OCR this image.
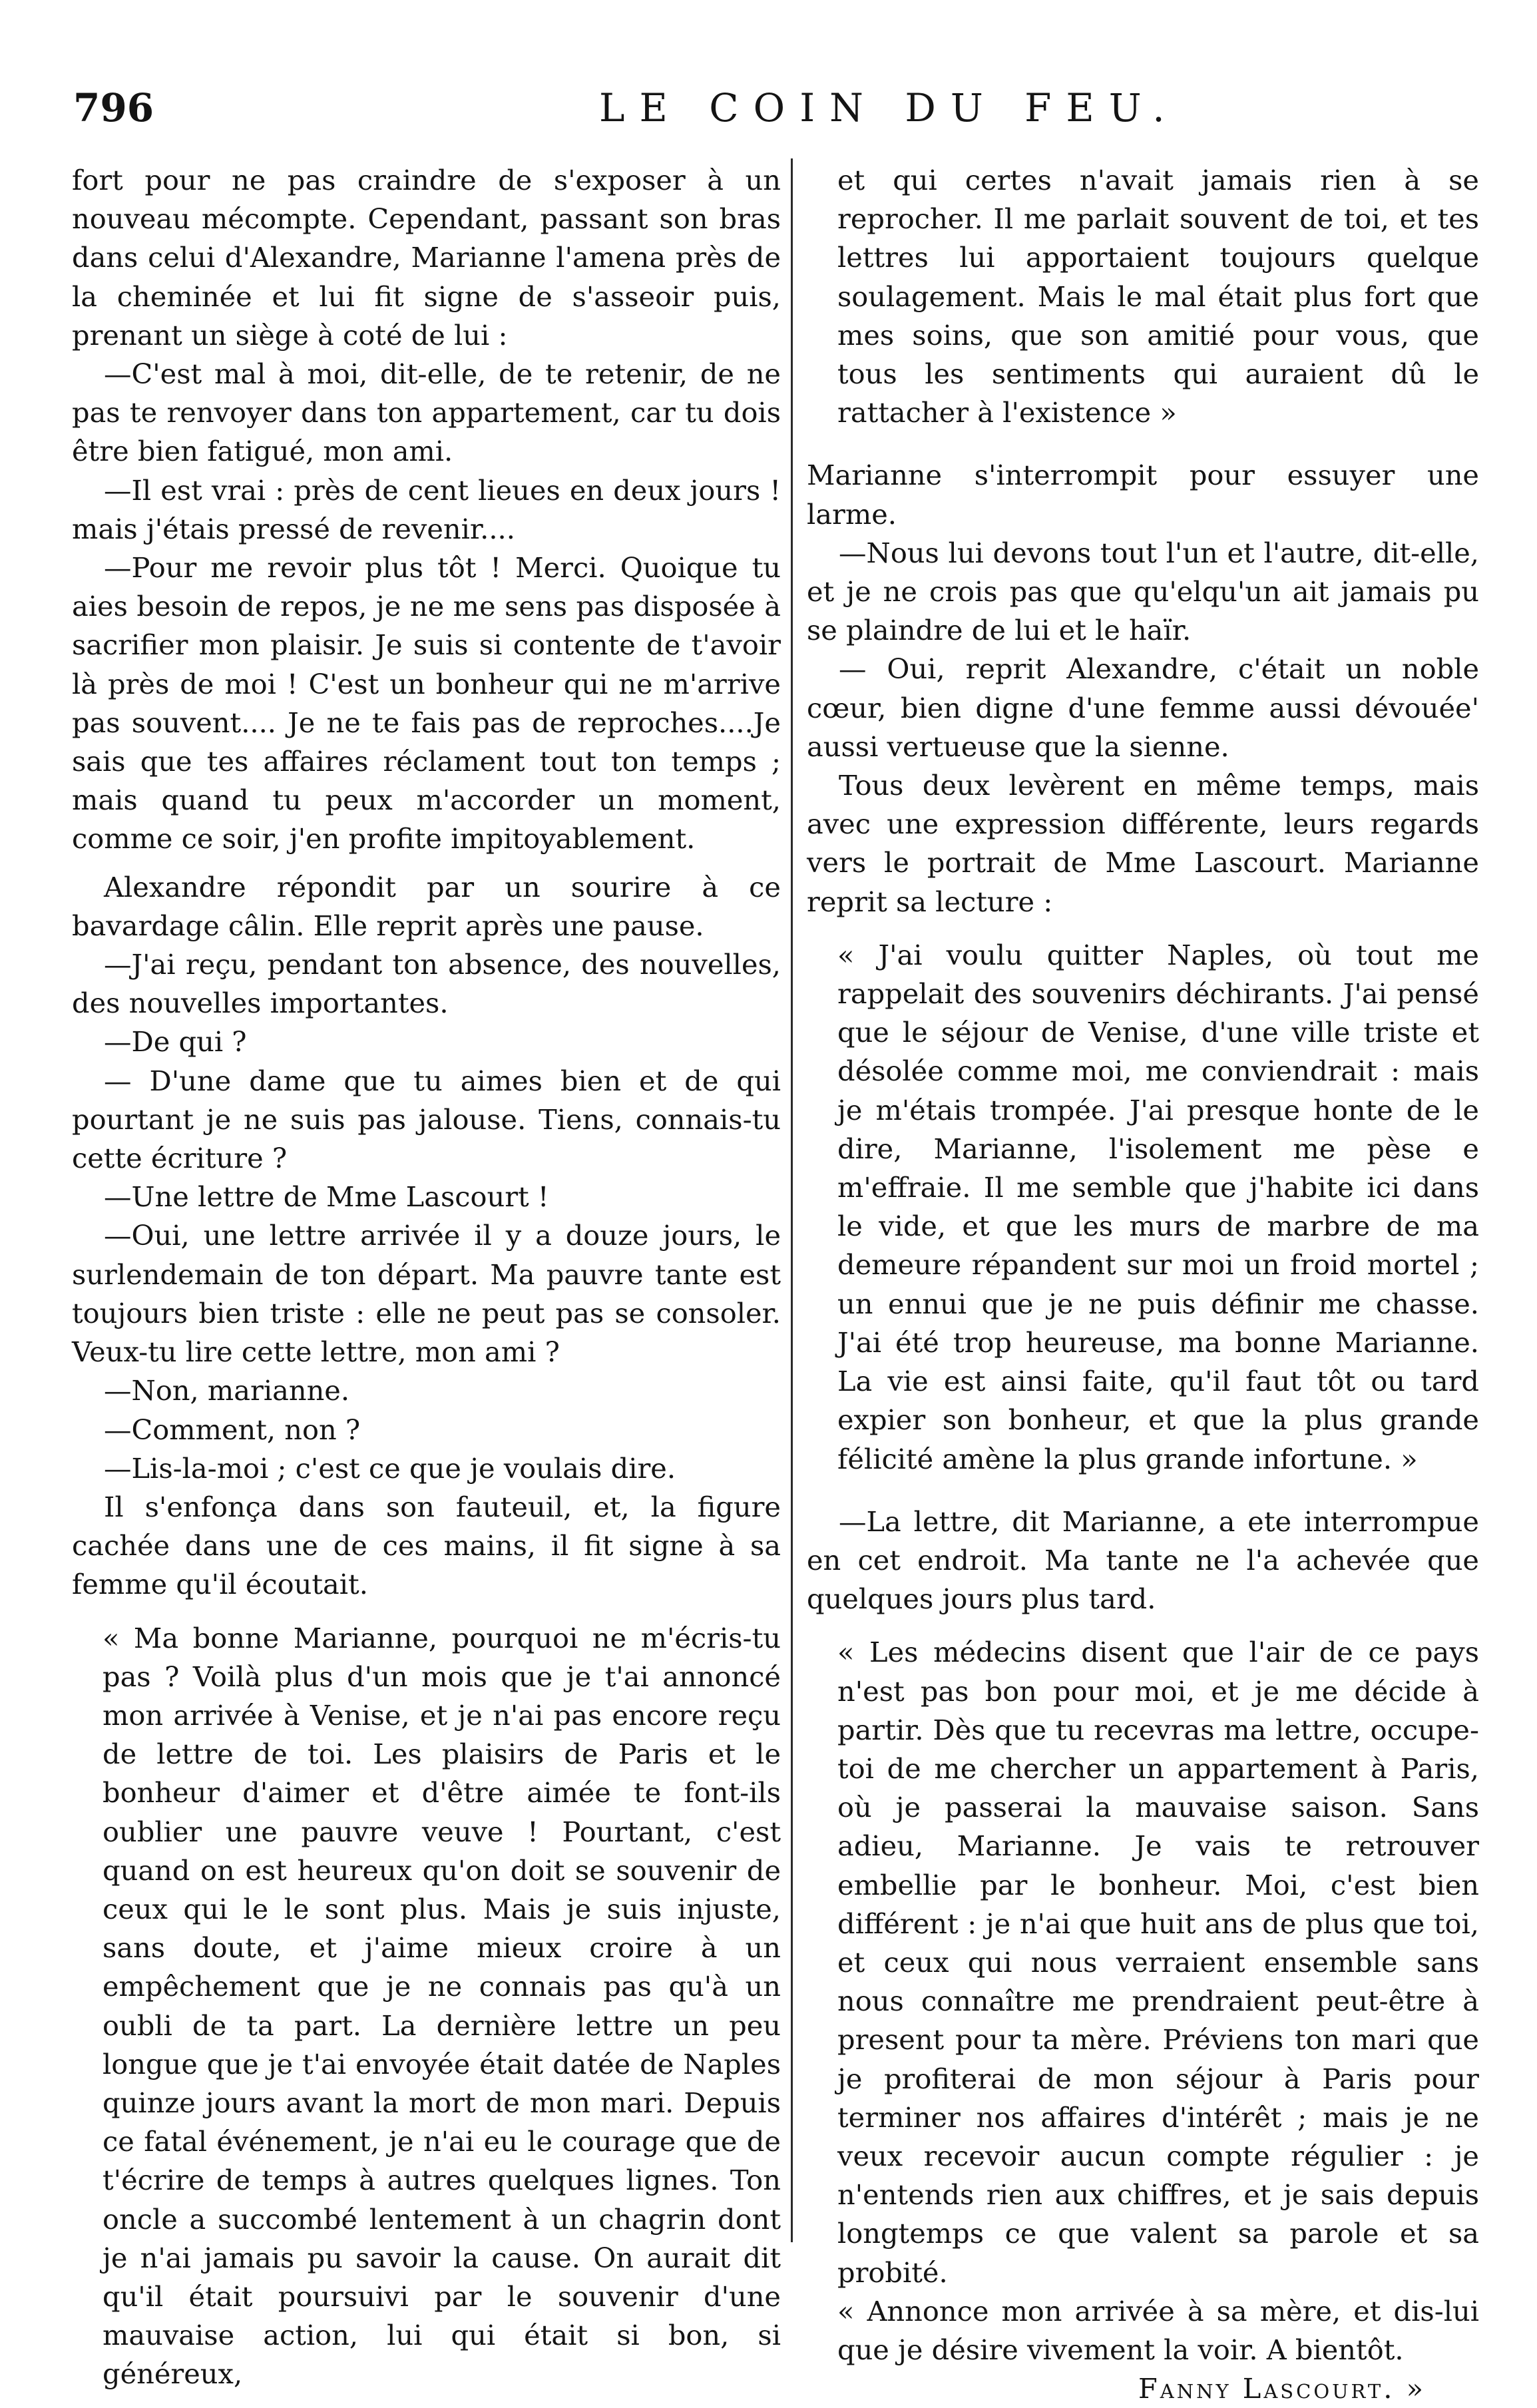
796	LE COIN DU FEU.

fort pour ne pas craindre de s'exposer à un nouveau mécompte. Cependant, passant son bras dans celui d'Alexandre, Marianne l'amena près de la cheminée et lui fit signe de s'asseoir puis, prenant un siège à coté de lui :

—C'est mal à moi, dit-elle, de te retenir, de ne pas te renvoyer dans ton appartement, car tu dois être bien fatigué, mon ami.

—Il est vrai : près de cent lieues en deux jours ! mais j'étais pressé de revenir....

—Pour me revoir plus tôt ! Merci. Quoique tu aies besoin de repos, je ne me sens pas disposée à sacrifier mon plaisir. Je suis si contente de t'avoir là près de moi ! C'est un bonheur qui ne m'arrive pas souvent.... Je ne te fais pas de reproches....Je sais que tes affaires réclament tout ton temps ; mais quand tu peux m'accorder un moment, comme ce soir, j'en profite impitoyablement.

Alexandre répondit par un sourire à ce bavardage câlin. Elle reprit après une pause.

—J'ai reçu, pendant ton absence, des nouvelles, des nouvelles importantes.

—De qui ?

— D'une dame que tu aimes bien et de qui pourtant je ne suis pas jalouse. Tiens, connais-tu cette écriture ?

—Une lettre de Mme Lascourt !

—Oui, une lettre arrivée il y a douze jours, le surlendemain de ton départ. Ma pauvre tante est toujours bien triste : elle ne peut pas se consoler. Veux-tu lire cette lettre, mon ami ?

—Non, marianne.

—Comment, non ?

—Lis-la-moi ; c'est ce que je voulais dire.

Il s'enfonça dans son fauteuil, et, la figure cachée dans une de ces mains, il fit signe à sa femme qu'il écoutait.

« Ma bonne Marianne, pourquoi ne m'écris-tu pas ? Voilà plus d'un mois que je t'ai annoncé mon arrivée à Venise, et je n'ai pas encore reçu de lettre de toi. Les plaisirs de Paris et le bonheur d'aimer et d'être aimée te font-ils oublier une pauvre veuve ! Pourtant, c'est quand on est heureux qu'on doit se souvenir de ceux qui le le sont plus. Mais je suis injuste, sans doute, et j'aime mieux croire à un empêchement que je ne connais pas qu'à un oubli de ta part. La dernière lettre un peu longue que je t'ai envoyée était datée de Naples quinze jours avant la mort de mon mari. Depuis ce fatal événement, je n'ai eu le courage que de t'écrire de temps à autres quelques lignes. Ton oncle a succombé lentement à un chagrin dont je n'ai jamais pu savoir la cause. On aurait dit qu'il était poursuivi par le souvenir d'une mauvaise action, lui qui était si bon, si généreux,

et qui certes n'avait jamais rien à se reprocher. Il me parlait souvent de toi, et tes lettres lui apportaient toujours quelque soulagement. Mais le mal était plus fort que mes soins, que son amitié pour vous, que tous les sentiments qui auraient dû le rattacher à l'existence »

Marianne s'interrompit pour essuyer une larme.

—Nous lui devons tout l'un et l'autre, dit-elle, et je ne crois pas que qu'elqu'un ait jamais pu se plaindre de lui et le haïr.

— Oui, reprit Alexandre, c'était un noble cœur, bien digne d'une femme aussi dévouée' aussi vertueuse que la sienne.

Tous deux levèrent en même temps, mais avec une expression différente, leurs regards vers le portrait de Mme Lascourt. Marianne reprit sa lecture :

« J'ai voulu quitter Naples, où tout me rappelait des souvenirs déchirants. J'ai pensé que le séjour de Venise, d'une ville triste et désolée comme moi, me conviendrait : mais je m'étais trompée. J'ai presque honte de le dire, Marianne, l'isolement me pèse e m'effraie. Il me semble que j'habite ici dans le vide, et que les murs de marbre de ma demeure répandent sur moi un froid mortel ; un ennui que je ne puis définir me chasse. J'ai été trop heureuse, ma bonne Marianne. La vie est ainsi faite, qu'il faut tôt ou tard expier son bonheur, et que la plus grande félicité amène la plus grande infortune. »

—La lettre, dit Marianne, a ete interrompue en cet endroit. Ma tante ne l'a achevée que quelques jours plus tard.

« Les médecins disent que l'air de ce pays n'est pas bon pour moi, et je me décide à partir. Dès que tu recevras ma lettre, occupe-toi de me chercher un appartement à Paris, où je passerai la mauvaise saison. Sans adieu, Marianne. Je vais te retrouver embellie par le bonheur. Moi, c'est bien différent : je n'ai que huit ans de plus que toi, et ceux qui nous verraient ensemble sans nous connaître me prendraient peut-être à present pour ta mère. Préviens ton mari que je profiterai de mon séjour à Paris pour terminer nos affaires d'intérêt ; mais je ne veux recevoir aucun compte régulier : je n'entends rien aux chiffres, et je sais depuis longtemps ce que valent sa parole et sa probité.

« Annonce mon arrivée à sa mère, et dis-lui que je désire vivement la voir. A bientôt.

Fanny Lascourt. »
